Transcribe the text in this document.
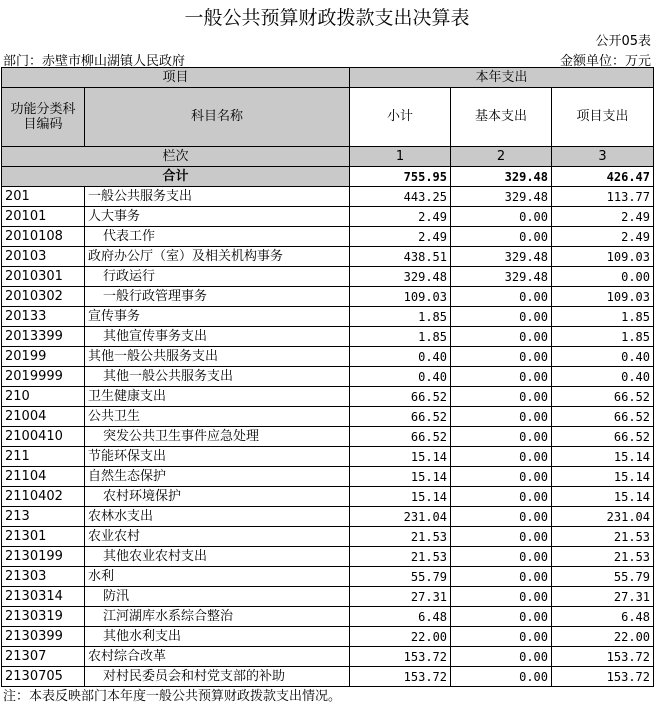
一般公共预算财政拨款支出决算表
公开05表
部门：赤壁市柳山湖镇人民政府	金额单位：万元
项目		本年支出		
功能分类科目编码	科目名称	小计	基本支出	项目支出
栏次		1	2	3
合计		755.95	329.48	426.47
201	一般公共服务支出	443.25	329.48	113.77
20101	人大事务	2.49	0.00	2.49
2010108	代表工作	2.49	0.00	2.49
20103	政府办公厅（室）及相关机构事务	438.51	329.48	109.03
2010301	行政运行	329.48	329.48	0.00
2010302	一般行政管理事务	109.03	0.00	109.03
20133	宣传事务	1.85	0.00	1.85
2013399	其他宣传事务支出	1.85	0.00	1.85
20199	其他一般公共服务支出	0.40	0.00	0.40
2019999	其他一般公共服务支出	0.40	0.00	0.40
210	卫生健康支出	66.52	0.00	66.52
21004	公共卫生	66.52	0.00	66.52
2100410	突发公共卫生事件应急处理	66.52	0.00	66.52
211	节能环保支出	15.14	0.00	15.14
21104	自然生态保护	15.14	0.00	15.14
2110402	农村环境保护	15.14	0.00	15.14
213	农林水支出	231.04	0.00	231.04
21301	农业农村	21.53	0.00	21.53
2130199	其他农业农村支出	21.53	0.00	21.53
21303	水利	55.79	0.00	55.79
2130314	防汛	27.31	0.00	27.31
2130319	江河湖库水系综合整治	6.48	0.00	6.48
2130399	其他水利支出	22.00	0.00	22.00
21307	农村综合改革	153.72	0.00	153.72
2130705	对村民委员会和村党支部的补助	153.72	0.00	153.72
注：本表反映部门本年度一般公共预算财政拨款支出情况。
